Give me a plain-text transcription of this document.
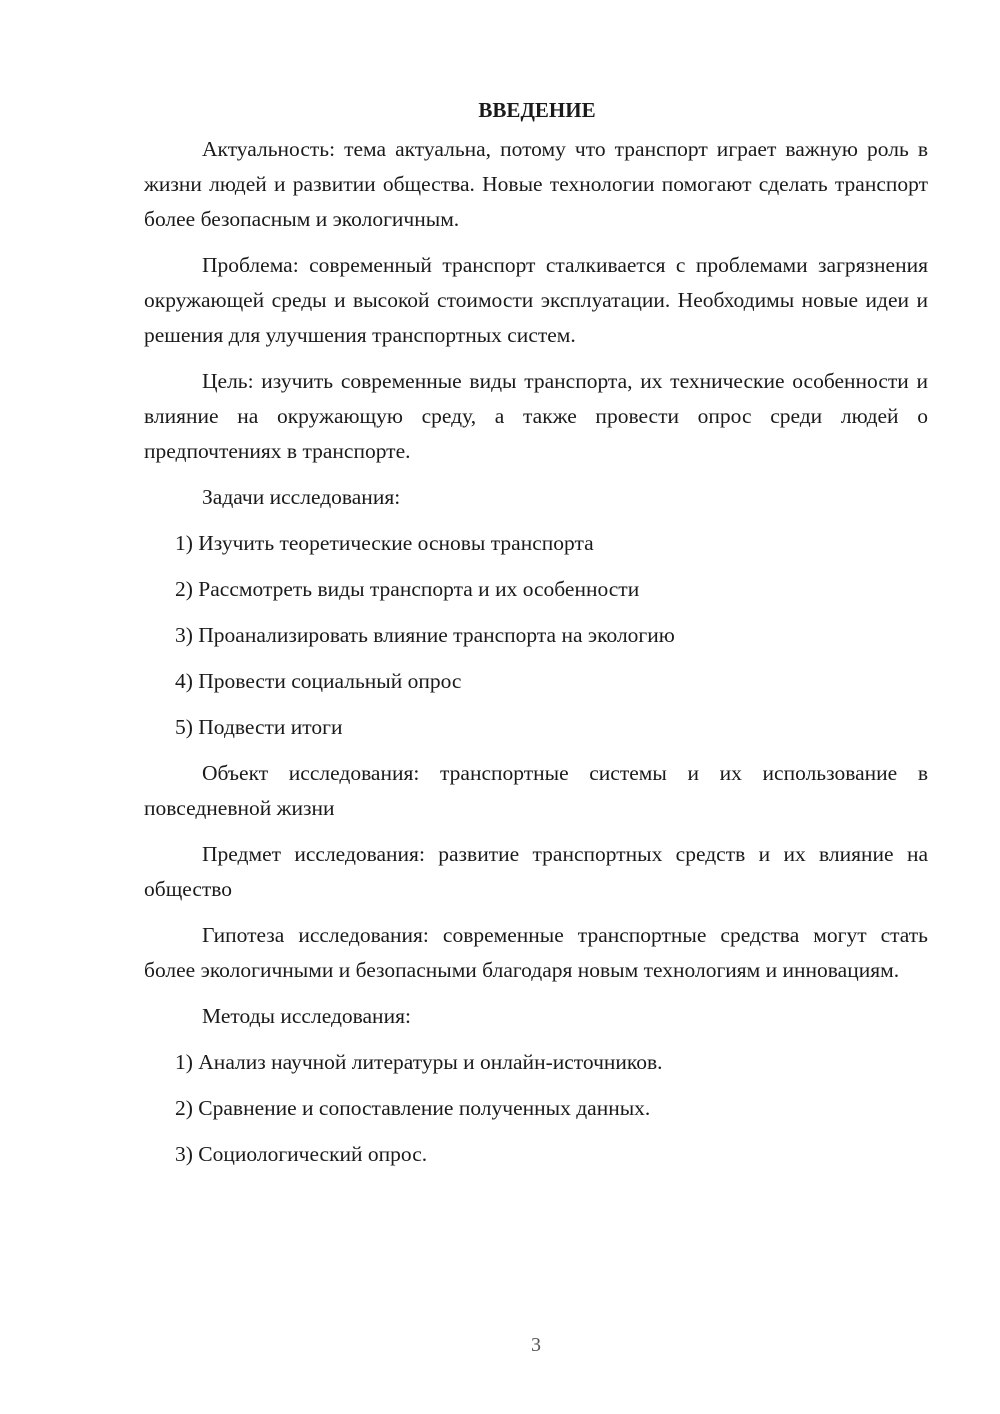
ВВЕДЕНИЕ

Актуальность: тема актуальна, потому что транспорт играет важную роль в жизни людей и развитии общества. Новые технологии помогают сделать транспорт более безопасным и экологичным.

Проблема: современный транспорт сталкивается с проблемами загрязнения окружающей среды и высокой стоимости эксплуатации. Необходимы новые идеи и решения для улучшения транспортных систем.

Цель: изучить современные виды транспорта, их технические особенности и влияние на окружающую среду, а также провести опрос среди людей о предпочтениях в транспорте.

Задачи исследования:

1) Изучить теоретические основы транспорта
2) Рассмотреть виды транспорта и их особенности
3) Проанализировать влияние транспорта на экологию
4) Провести социальный опрос
5) Подвести итоги

Объект исследования: транспортные системы и их использование в повседневной жизни

Предмет исследования: развитие транспортных средств и их влияние на общество

Гипотеза исследования: современные транспортные средства могут стать более экологичными и безопасными благодаря новым технологиям и инновациям.

Методы исследования:

1) Анализ научной литературы и онлайн-источников.
2) Сравнение и сопоставление полученных данных.
3) Социологический опрос.
3
